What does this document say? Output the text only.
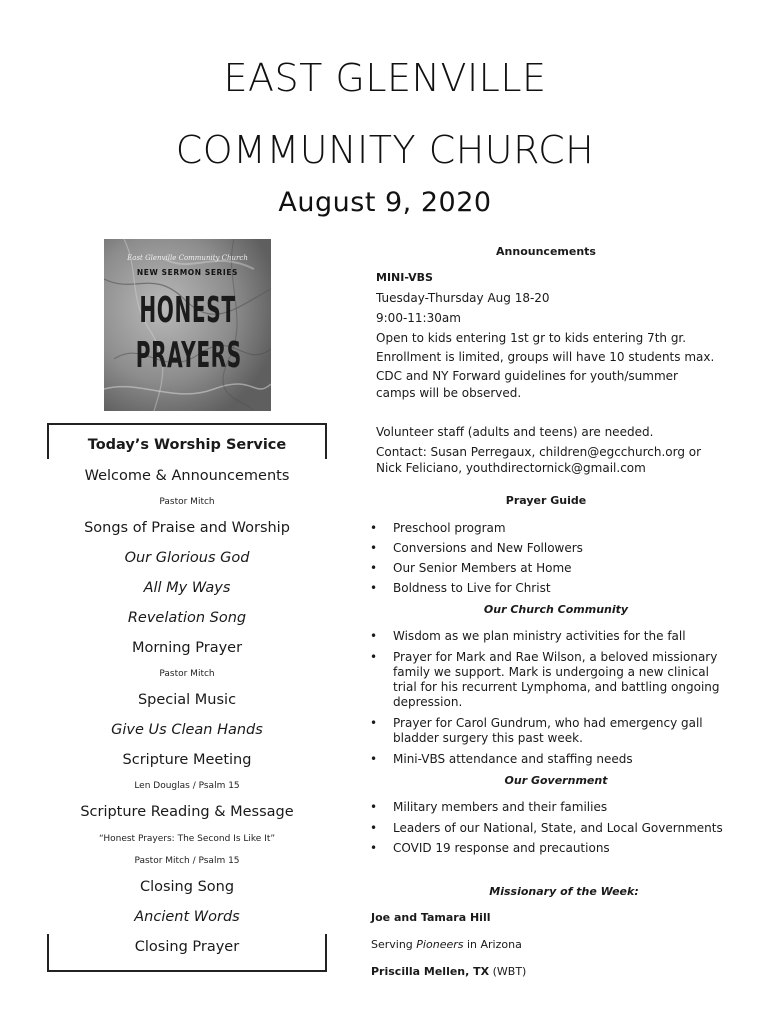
EAST GLENVILLE
COMMUNITY CHURCH
August 9, 2020
East Glenville Community Church
NEW SERMON SERIES
HONEST
PRAYERS
Today’s Worship Service
Welcome & Announcements
Pastor Mitch
Songs of Praise and Worship
Our Glorious God
All My Ways
Revelation Song
Morning Prayer
Pastor Mitch
Special Music
Give Us Clean Hands
Scripture Meeting
Len Douglas / Psalm 15
Scripture Reading & Message
“Honest Prayers: The Second Is Like It”
Pastor Mitch / Psalm 15
Closing Song
Ancient Words
Closing Prayer
Announcements
MINI-VBS
Tuesday-Thursday Aug 18-20
9:00-11:30am
Open to kids entering 1st gr to kids entering 7th gr.
Enrollment is limited, groups will have 10 students max.
CDC and NY Forward guidelines for youth/summer
camps will be observed.
Volunteer staff (adults and teens) are needed.
Contact: Susan Perregaux, children@egcchurch.org or
Nick Feliciano, youthdirectornick@gmail.com
Prayer Guide
• Preschool program
• Conversions and New Followers
• Our Senior Members at Home
• Boldness to Live for Christ
Our Church Community
• Wisdom as we plan ministry activities for the fall
• Prayer for Mark and Rae Wilson, a beloved missionary family we support. Mark is undergoing a new clinical trial for his recurrent Lymphoma, and battling ongoing depression.
• Prayer for Carol Gundrum, who had emergency gall bladder surgery this past week.
• Mini-VBS attendance and staffing needs
Our Government
• Military members and their families
• Leaders of our National, State, and Local Governments
• COVID 19 response and precautions
Missionary of the Week:
Joe and Tamara Hill
Serving Pioneers in Arizona
Priscilla Mellen, TX (WBT)
